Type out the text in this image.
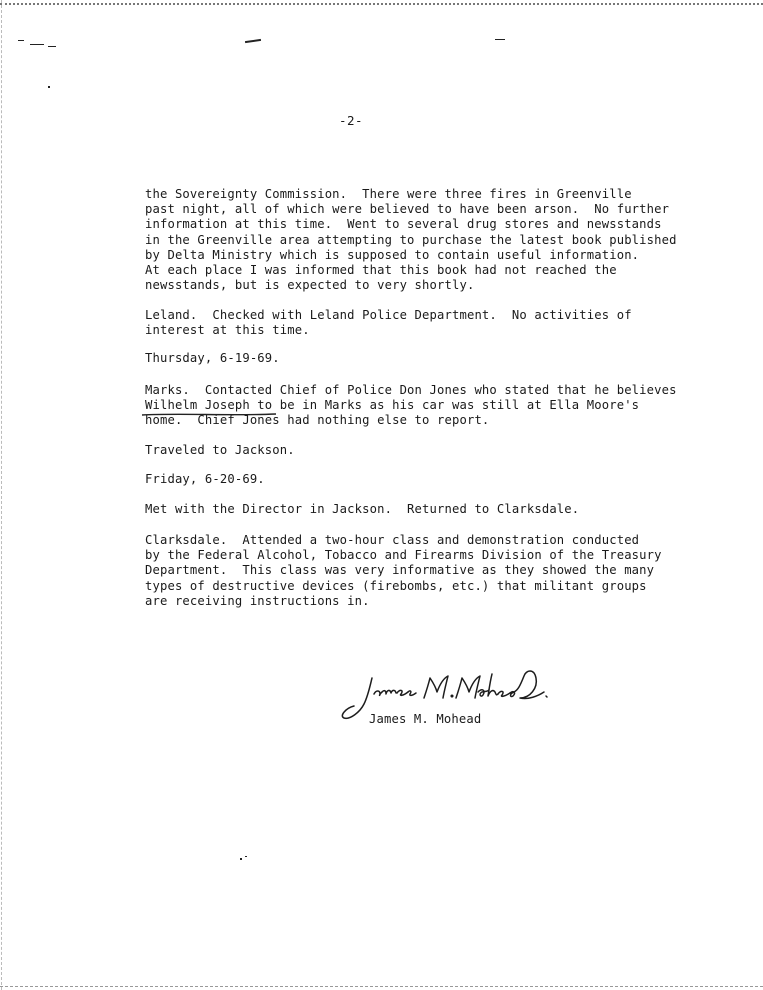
-2-

the Sovereignty Commission.  There were three fires in Greenville
past night, all of which were believed to have been arson.  No further
information at this time.  Went to several drug stores and newsstands
in the Greenville area attempting to purchase the latest book published
by Delta Ministry which is supposed to contain useful information.
At each place I was informed that this book had not reached the
newsstands, but is expected to very shortly.

Leland.  Checked with Leland Police Department.  No activities of
interest at this time.

Thursday, 6-19-69.

Marks.  Contacted Chief of Police Don Jones who stated that he believes
Wilhelm Joseph to be in Marks as his car was still at Ella Moore's
home.  Chief Jones had nothing else to report.

Traveled to Jackson.

Friday, 6-20-69.

Met with the Director in Jackson.  Returned to Clarksdale.

Clarksdale.  Attended a two-hour class and demonstration conducted
by the Federal Alcohol, Tobacco and Firearms Division of the Treasury
Department.  This class was very informative as they showed the many
types of destructive devices (firebombs, etc.) that militant groups
are receiving instructions in.

James M. Mohead
